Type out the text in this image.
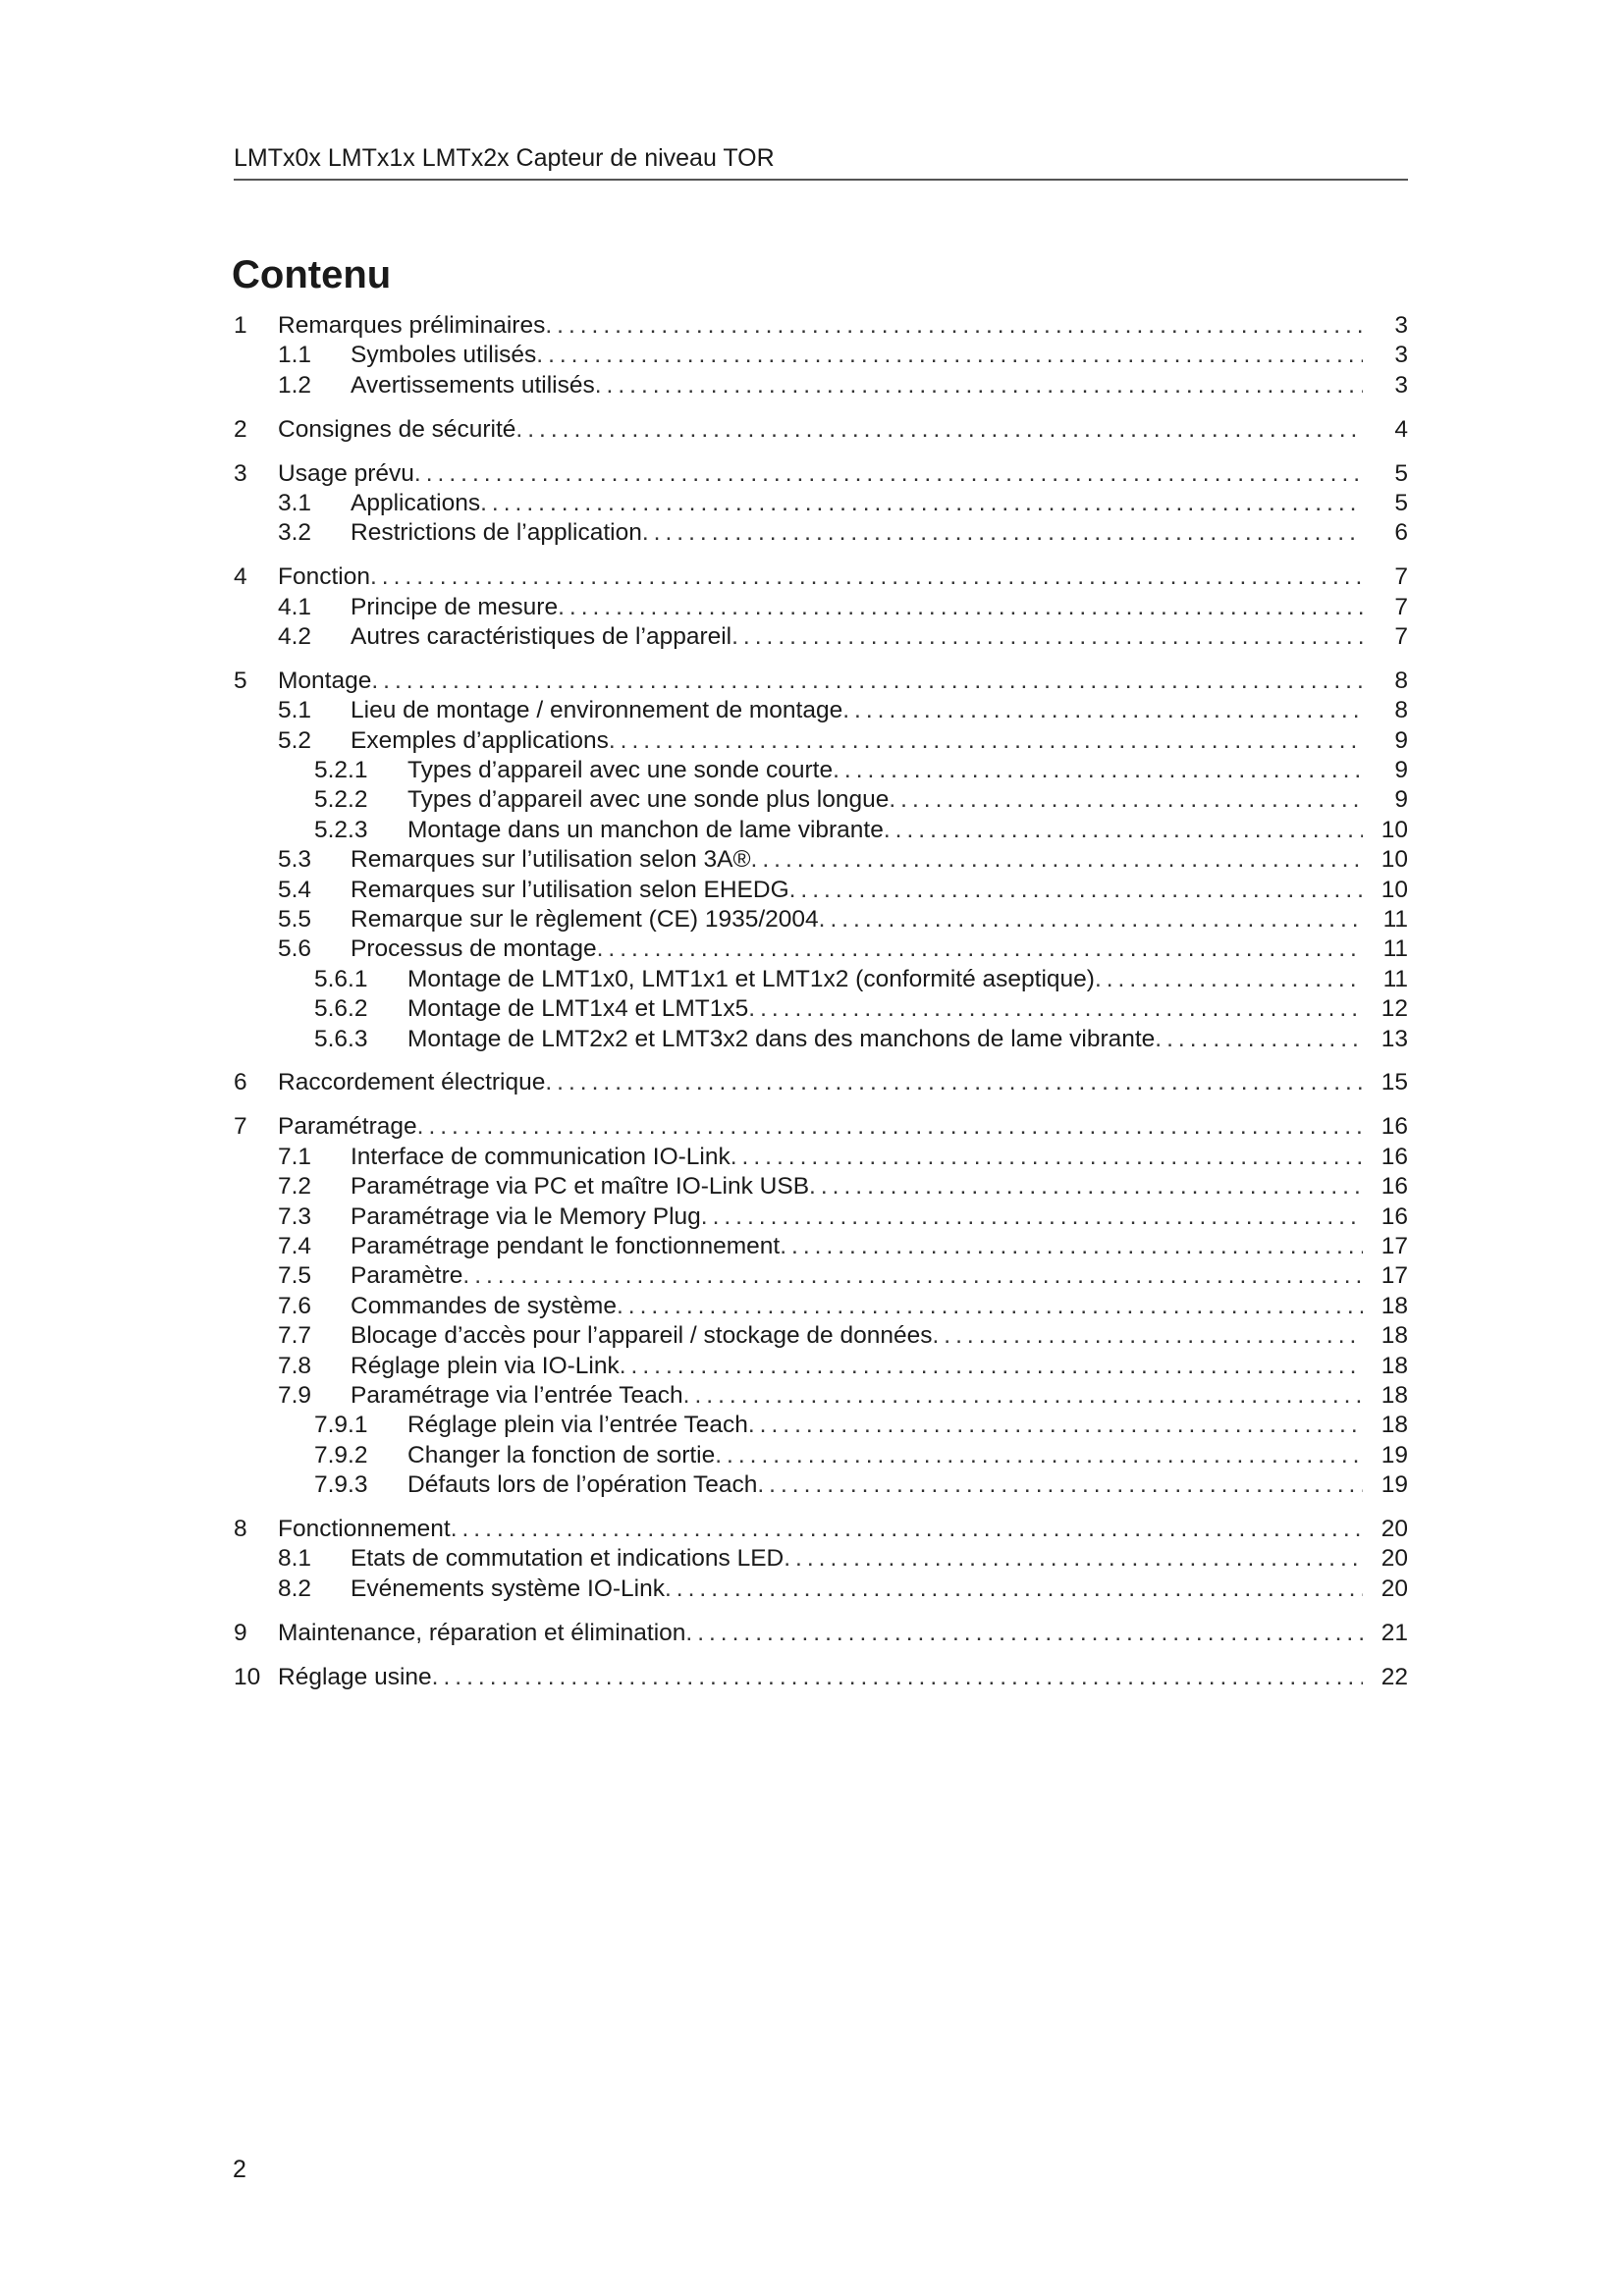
LMTx0x LMTx1x LMTx2x Capteur de niveau TOR
Contenu
1	Remarques préliminaires .....	3
1.1	Symboles utilisés .....	3
1.2	Avertissements utilisés .....	3
2	Consignes de sécurité .....	4
3	Usage prévu .....	5
3.1	Applications .....	5
3.2	Restrictions de l’application .....	6
4	Fonction .....	7
4.1	Principe de mesure .....	7
4.2	Autres caractéristiques de l’appareil .....	7
5	Montage .....	8
5.1	Lieu de montage / environnement de montage .....	8
5.2	Exemples d’applications .....	9
5.2.1	Types d’appareil avec une sonde courte .....	9
5.2.2	Types d’appareil avec une sonde plus longue .....	9
5.2.3	Montage dans un manchon de lame vibrante .....	10
5.3	Remarques sur l’utilisation selon 3A® .....	10
5.4	Remarques sur l’utilisation selon EHEDG .....	10
5.5	Remarque sur le règlement (CE) 1935/2004 .....	11
5.6	Processus de montage .....	11
5.6.1	Montage de LMT1x0, LMT1x1 et LMT1x2 (conformité aseptique) .....	11
5.6.2	Montage de LMT1x4 et LMT1x5 .....	12
5.6.3	Montage de LMT2x2 et LMT3x2 dans des manchons de lame vibrante .....	13
6	Raccordement électrique .....	15
7	Paramétrage .....	16
7.1	Interface de communication IO-Link .....	16
7.2	Paramétrage via PC et maître IO-Link USB .....	16
7.3	Paramétrage via le Memory Plug .....	16
7.4	Paramétrage pendant le fonctionnement .....	17
7.5	Paramètre .....	17
7.6	Commandes de système .....	18
7.7	Blocage d’accès pour l’appareil / stockage de données .....	18
7.8	Réglage plein via IO-Link .....	18
7.9	Paramétrage via l’entrée Teach .....	18
7.9.1	Réglage plein via l’entrée Teach .....	18
7.9.2	Changer la fonction de sortie .....	19
7.9.3	Défauts lors de l’opération Teach .....	19
8	Fonctionnement .....	20
8.1	Etats de commutation et indications LED .....	20
8.2	Evénements système IO-Link .....	20
9	Maintenance, réparation et élimination .....	21
10 Réglage usine .....	22
2
